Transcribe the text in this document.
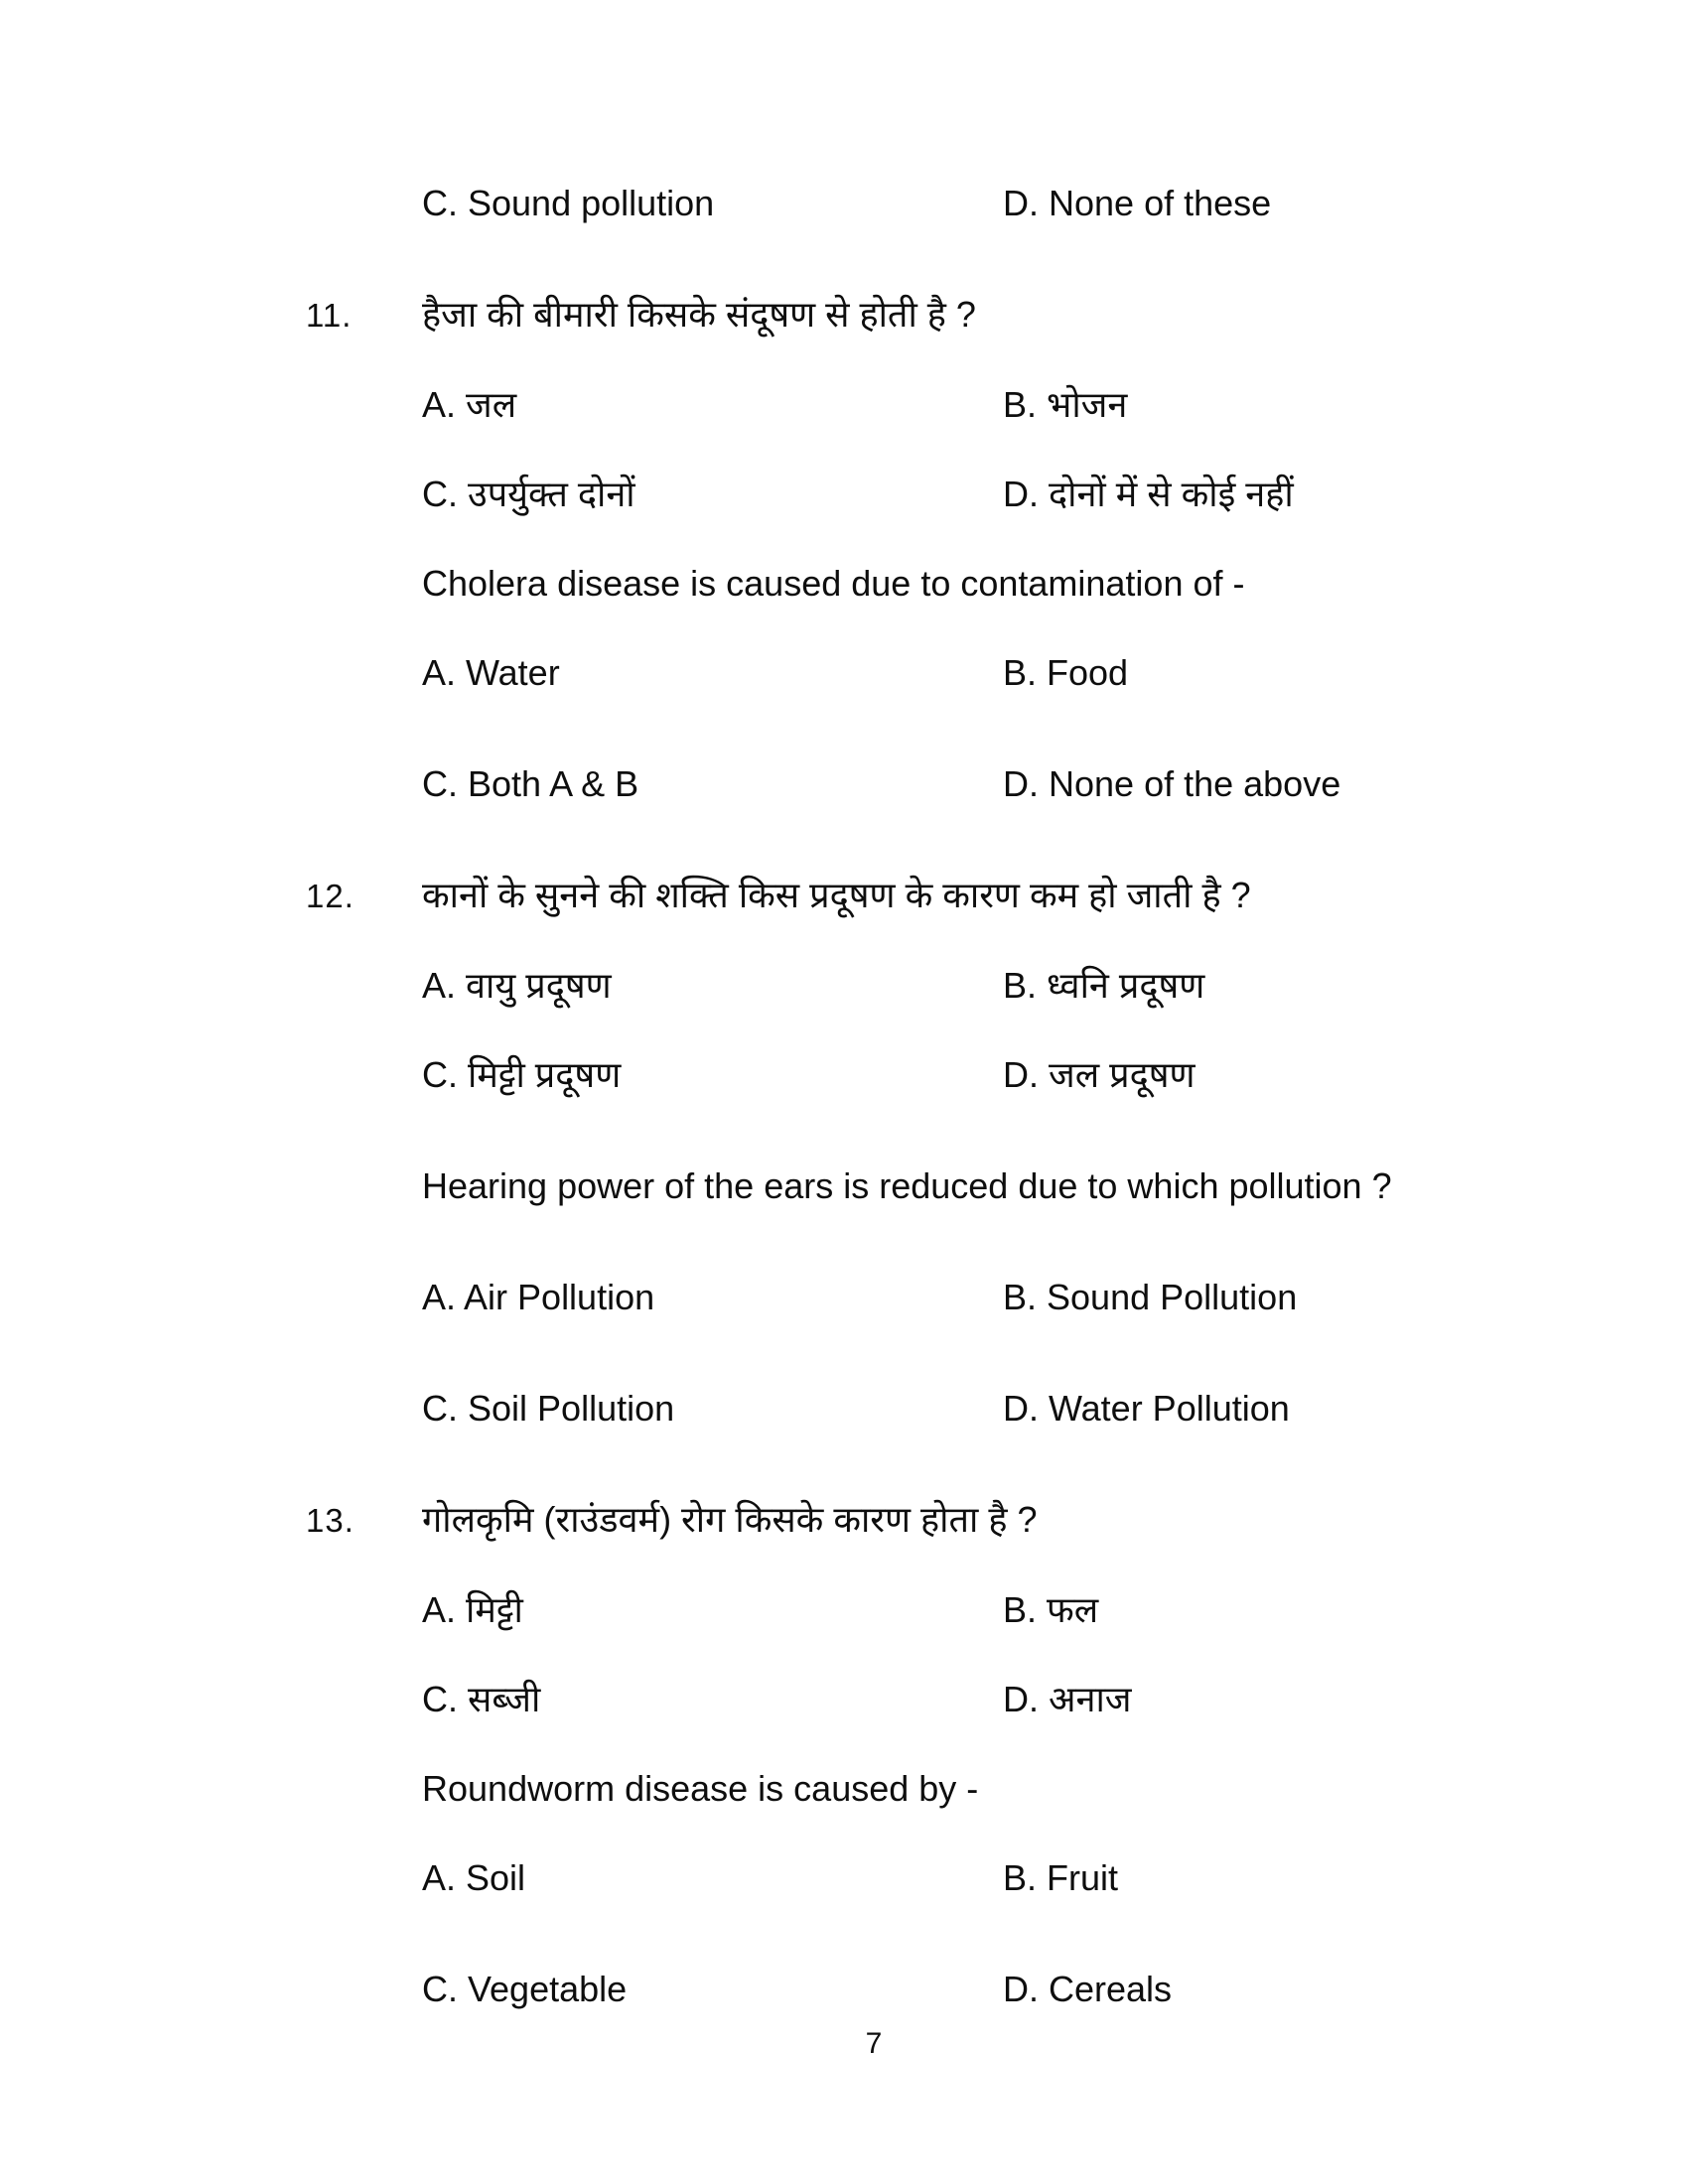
C. Sound pollution	D. None of these
11.	हैजा की बीमारी किसके संदूषण से होती है ?
A. जल	B. भोजन
C. उपर्युक्त दोनों	D. दोनों में से कोई नहीं
Cholera disease is caused due to contamination of -
A. Water	B. Food
C. Both A & B	D. None of the above
12.	कानों के सुनने की शक्ति किस प्रदूषण के कारण कम हो जाती है ?
A. वायु प्रदूषण	B. ध्वनि प्रदूषण
C. मिट्टी प्रदूषण	D. जल प्रदूषण
Hearing power of the ears is reduced due to which pollution ?
A. Air Pollution	B. Sound Pollution
C. Soil Pollution	D. Water Pollution
13.	गोलकृमि (राउंडवर्म) रोग किसके कारण होता है ?
A. मिट्टी	B. फल
C. सब्जी	D. अनाज
Roundworm disease is caused by -
A. Soil	B. Fruit
C. Vegetable	D. Cereals
7
